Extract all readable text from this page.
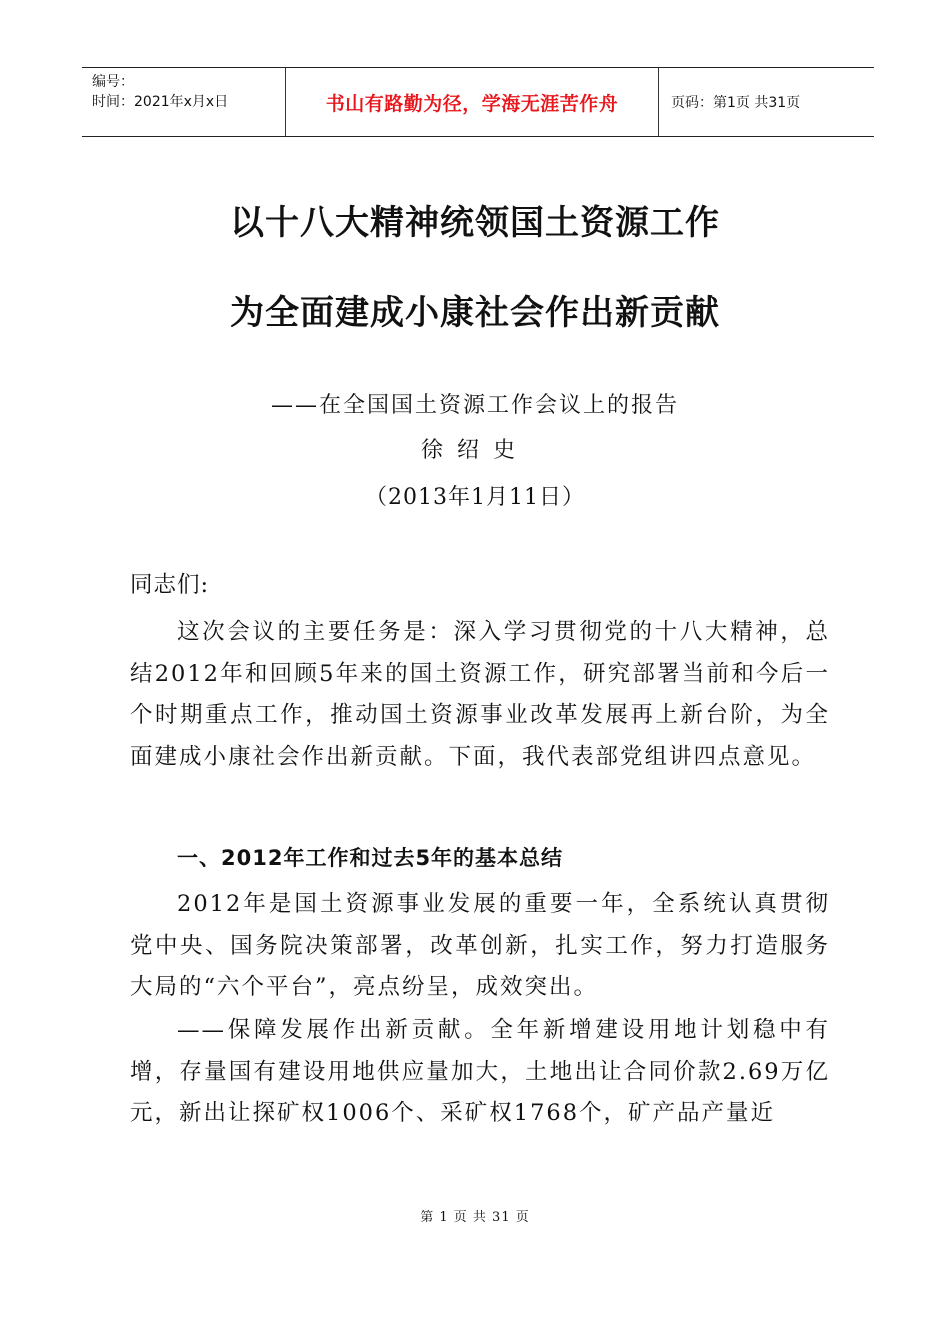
编号：
时间：2021年x月x日	书山有路勤为径，学海无涯苦作舟	页码：第1页 共31页
以十八大精神统领国土资源工作
为全面建成小康社会作出新贡献
——在全国国土资源工作会议上的报告
徐绍史
（2013年1月11日）
同志们:
这次会议的主要任务是：深入学习贯彻党的十八大精神，总结2012年和回顾5年来的国土资源工作，研究部署当前和今后一个时期重点工作，推动国土资源事业改革发展再上新台阶，为全面建成小康社会作出新贡献。下面，我代表部党组讲四点意见。
一、2012年工作和过去5年的基本总结
2012年是国土资源事业发展的重要一年，全系统认真贯彻党中央、国务院决策部署，改革创新，扎实工作，努力打造服务大局的“六个平台”，亮点纷呈，成效突出。
——保障发展作出新贡献。全年新增建设用地计划稳中有增，存量国有建设用地供应量加大，土地出让合同价款2.69万亿元，新出让探矿权1006个、采矿权1768个，矿产品产量近
第 1 页 共 31 页
